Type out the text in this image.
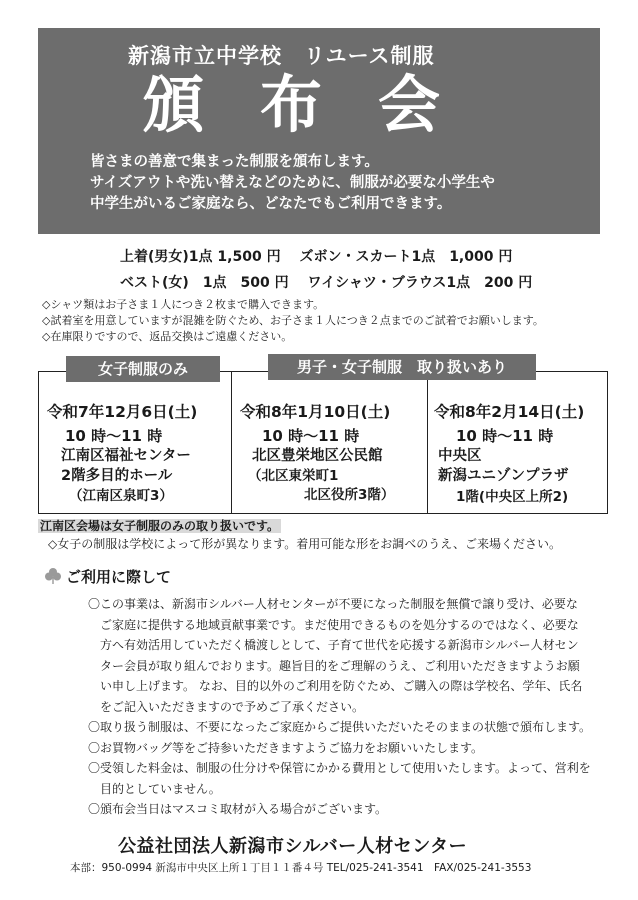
新潟市立中学校　リユース制服
頒布会
皆さまの善意で集まった制服を頒布します。
サイズアウトや洗い替えなどのために、制服が必要な小学生や
中学生がいるご家庭なら、どなたでもご利用できます。
上着(男女)1点 1,500 円 ズボン・スカート1点　1,000 円
ベスト(女)　1点　500 円 ワイシャツ・ブラウス1点　200 円
◇シャツ類はお子さま１人につき２枚まで購入できます。
◇試着室を用意していますが混雑を防ぐため、お子さま１人につき２点までのご試着でお願いします。
◇在庫限りですので、返品交換はご遠慮ください。
令和7年12月6日(土)
10 時～11 時
江南区福祉センター
2階多目的ホール
（江南区泉町3）
令和8年1月10日(土)
10 時～11 時
北区豊栄地区公民館
（北区東栄町1
北区役所3階）
令和8年2月14日(土)
10 時～11 時
中央区
新潟ユニゾンプラザ
1階(中央区上所2)
女子制服のみ	男子・女子制服　取り扱いあり
江南区会場は女子制服のみの取り扱いです。
◇女子の制服は学校によって形が異なります。着用可能な形をお調べのうえ、ご来場ください。
ご利用に際して
〇この事業は、新潟市シルバー人材センターが不要になった制服を無償で譲り受け、必要な
ご家庭に提供する地域貢献事業です。まだ使用できるものを処分するのではなく、必要な
方へ有効活用していただく橋渡しとして、子育て世代を応援する新潟市シルバー人材セン
ター会員が取り組んでおります。趣旨目的をご理解のうえ、ご利用いただきますようお願
い申し上げます。 なお、目的以外のご利用を防ぐため、ご購入の際は学校名、学年、氏名
をご記入いただきますので予めご了承ください。
〇取り扱う制服は、不要になったご家庭からご提供いただいたそのままの状態で頒布します。
〇お買物バッグ等をご持参いただきますようご協力をお願いいたします。
〇受領した料金は、制服の仕分けや保管にかかる費用として使用いたします。よって、営利を
目的としていません。
〇頒布会当日はマスコミ取材が入る場合がございます。
公益社団法人新潟市シルバー人材センター
本部：950-0994 新潟市中央区上所１丁目１１番４号 TEL/025-241-3541　FAX/025-241-3553
